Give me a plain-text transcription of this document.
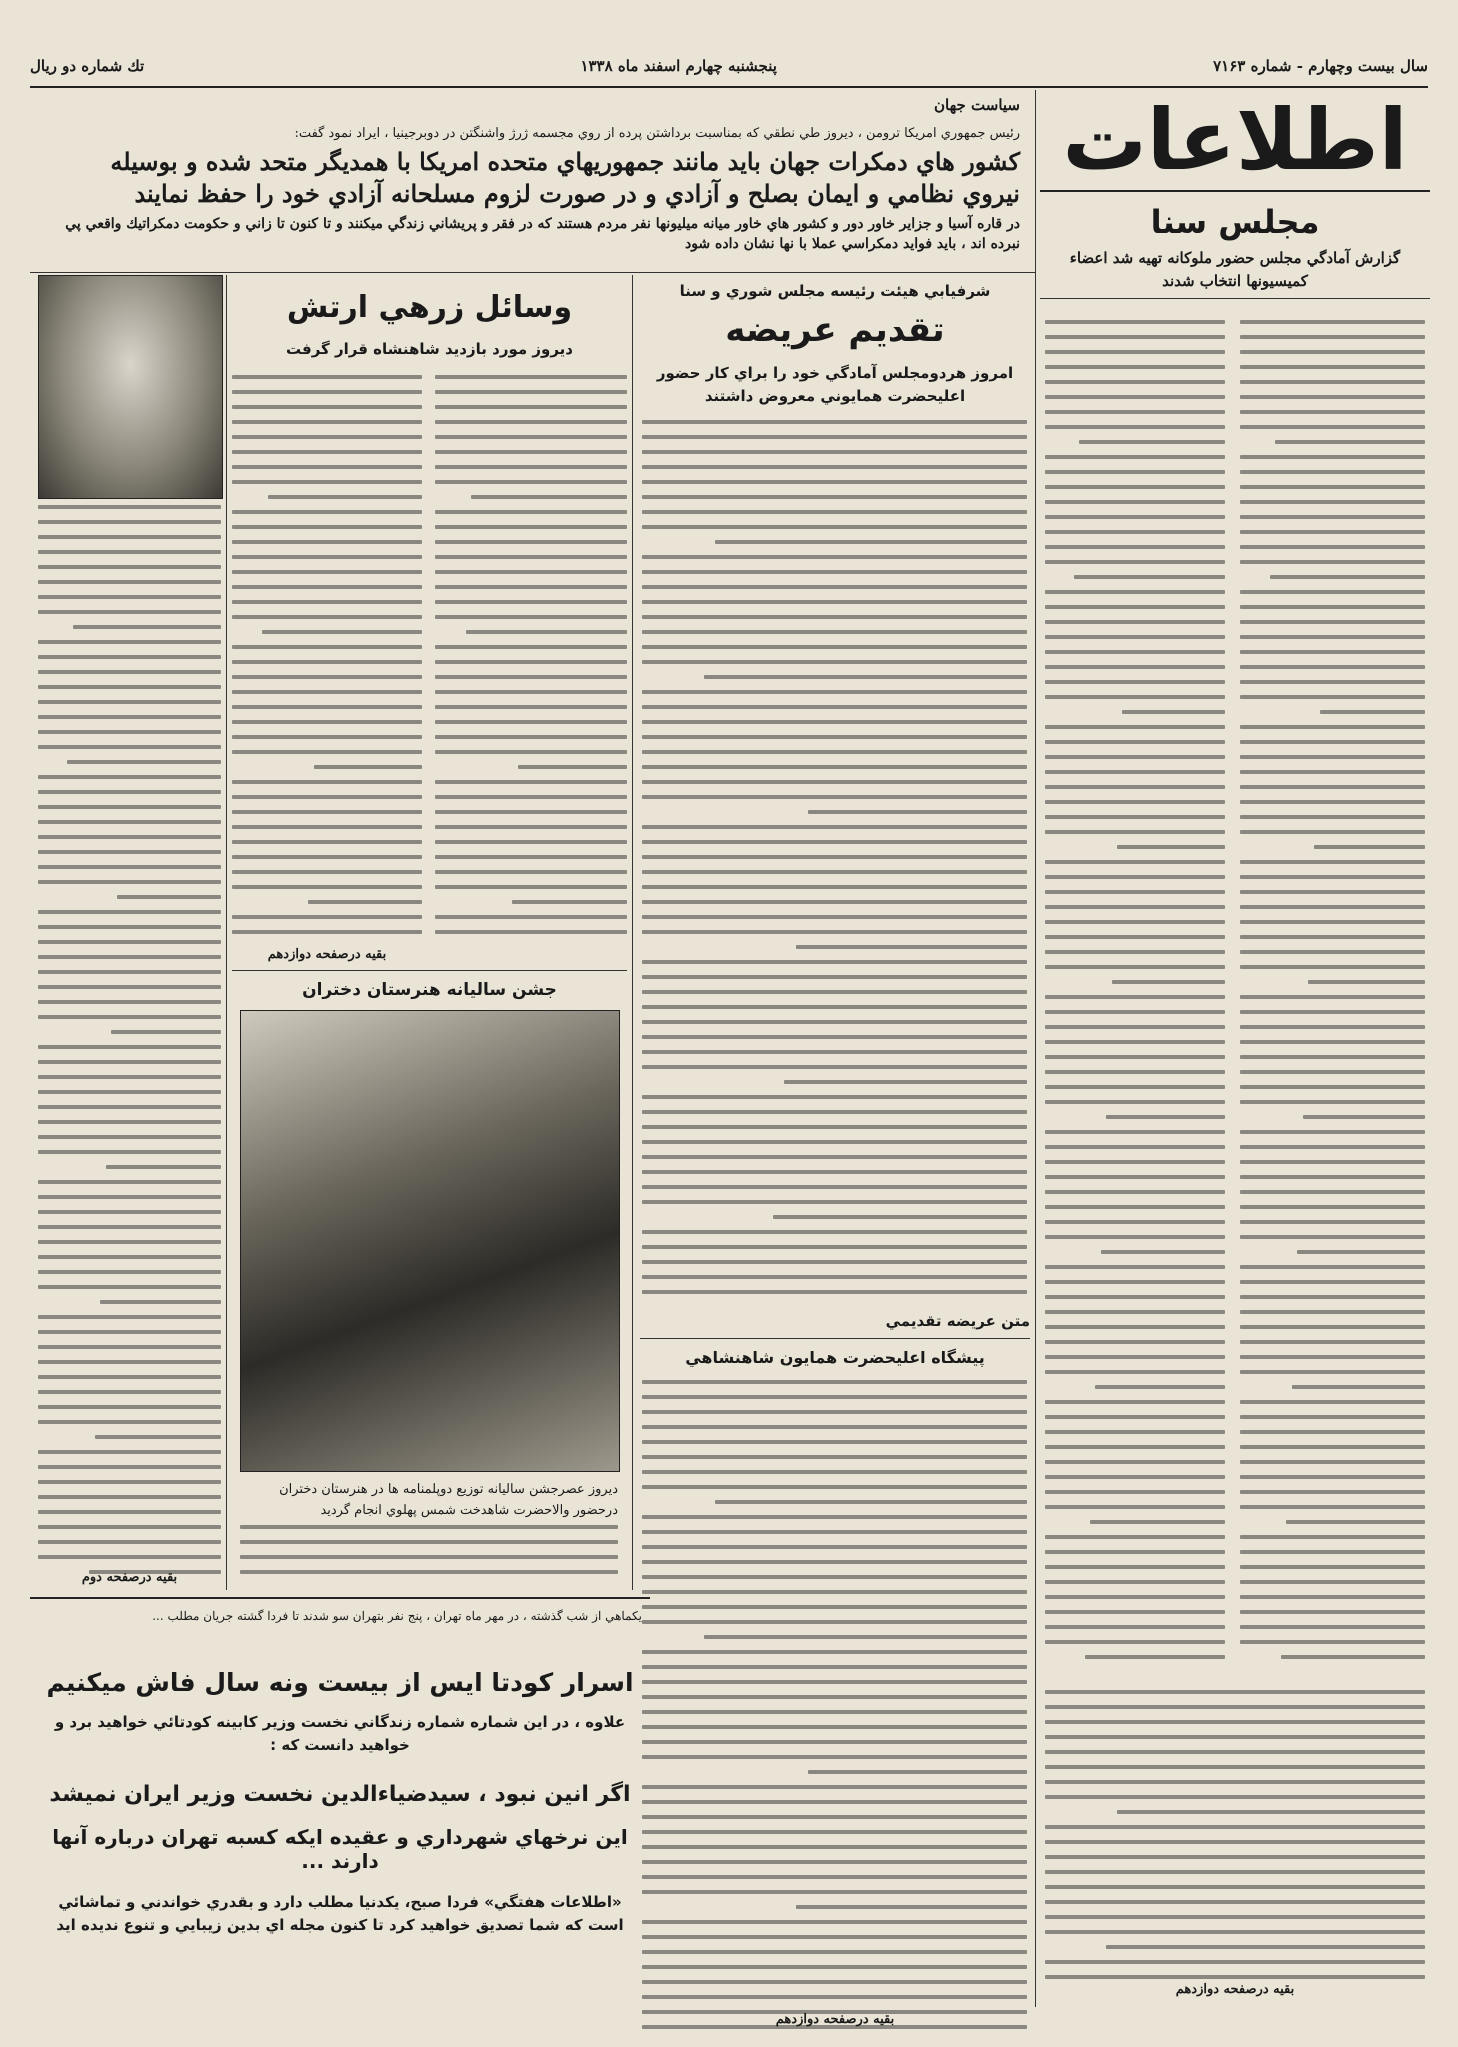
سال بيست وچهارم - شماره ۷۱۶۳
پنجشنبه چهارم اسفند ماه ۱۳۳۸
تك شماره دو ريال
اطلاعات
مجلس سنا
گزارش آمادگي مجلس حضور ملوكانه تهيه شد اعضاء كميسيونها انتخاب شدند
بقيه درصفحه دوازدهم
سياست جهان
رئيس جمهوري امريكا ترومن ، ديروز طي نطقي كه بمناسبت برداشتن پرده از روي مجسمه ژرژ واشنگتن در دوبرجينيا ، ايراد نمود گفت:
كشور هاي دمكرات جهان بايد مانند جمهوريهاي متحده امريكا با همديگر متحد شده و بوسيله
نيروي نظامي و ايمان بصلح و آزادي و در صورت لزوم مسلحانه آزادي خود را حفظ نمايند
در قاره آسيا و جزاير خاور دور و كشور هاي خاور ميانه ميليونها نفر مردم هستند كه در فقر و پريشاني زندگي ميكنند و تا كنون تا زاني و حكومت دمكراتيك واقعي پي نبرده اند ، بايد فوايد دمكراسي عملا با نها نشان داده شود
بقيه درصفحه دوم
وسائل زرهي ارتش
ديروز مورد بازديد شاهنشاه قرار گرفت
بقيه درصفحه دوازدهم
جشن ساليانه هنرستان دختران
ديروز عصرجشن ساليانه توزيع دوپلمنامه ها در هنرستان دختران درحضور والاحضرت شاهدخت شمس پهلوي انجام گرديد
شرفيابي هيئت رئيسه مجلس شوري و سنا
تقديم عريضه
امروز هردومجلس آمادگي خود را براي كار حضور اعليحضرت همايوني معروض داشتند
متن عريضه تقديمي
پيشگاه اعليحضرت همايون شاهنشاهي
بقيه درصفحه دوازدهم
يكماهي از شب گذشته ، در مهر ماه تهران ، پنج نفر بتهران سو شدند تا فردا گشته جريان مطلب ...
اسرار كودتا ايس از بيست ونه سال فاش ميكنيم
علاوه ، در اين شماره شماره زندگاني نخست وزير كابينه كودتائي خواهيد برد و خواهيد دانست كه :
اگر انين نبود ، سيدضياءالدين نخست وزير ايران نميشد
اين نرخهاي شهرداري و عقيده ايكه كسبه تهران درباره آنها دارند ...
«اطلاعات هفتگي» فردا صبح، يكدنيا مطلب دارد و بقدري خواندني و تماشائي است كه شما تصديق خواهيد كرد تا كنون مجله اي بدين زيبايي و تنوع نديده ايد
